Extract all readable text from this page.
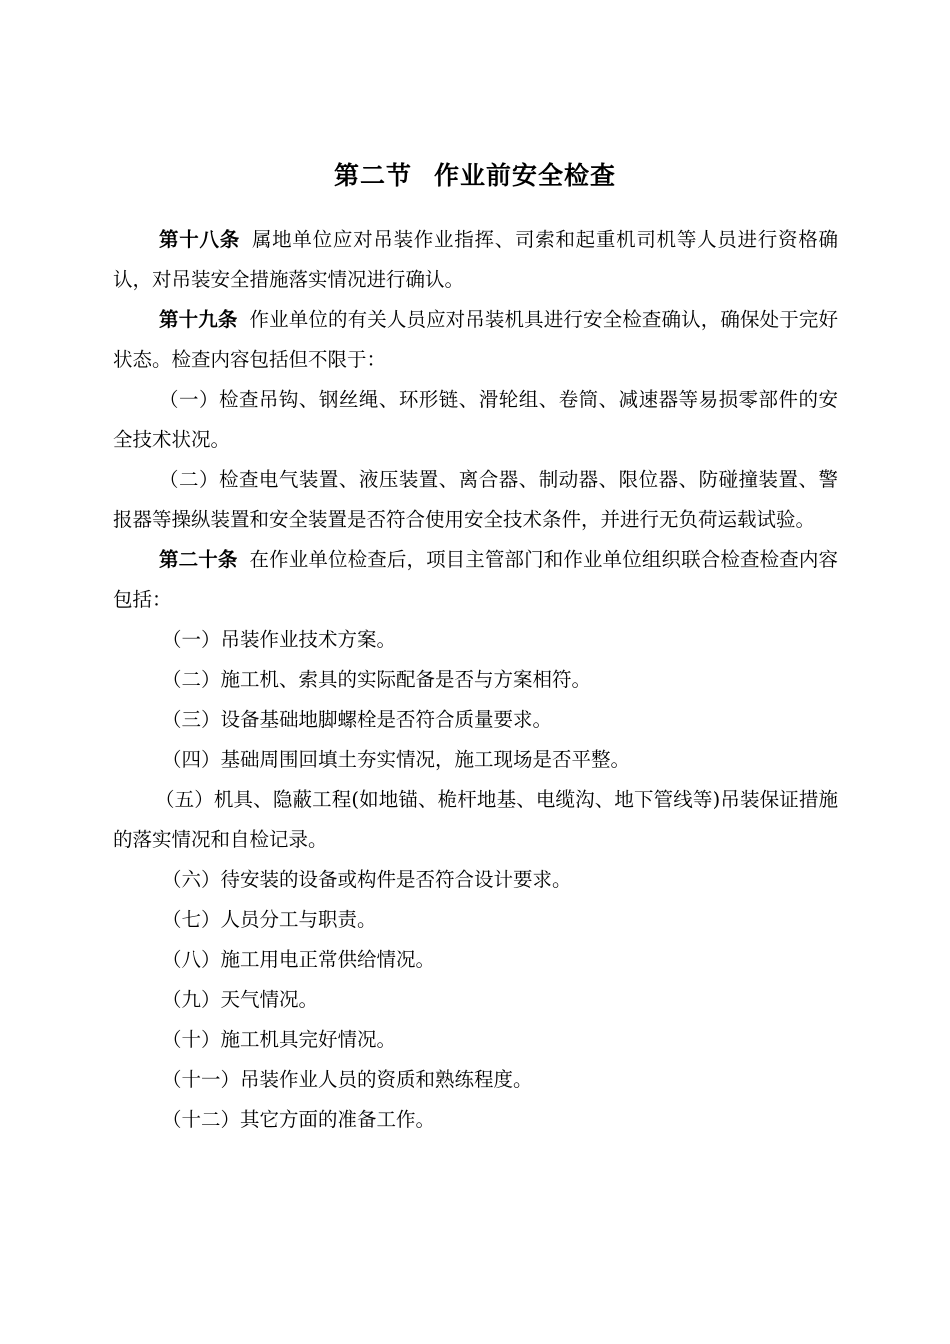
第二节 作业前安全检查

第十八条 属地单位应对吊装作业指挥、司索和起重机司机等人员进行资格确认，对吊装安全措施落实情况进行确认。

第十九条 作业单位的有关人员应对吊装机具进行安全检查确认，确保处于完好状态。检查内容包括但不限于：

（一）检查吊钩、钢丝绳、环形链、滑轮组、卷筒、减速器等易损零部件的安全技术状况。

（二）检查电气装置、液压装置、离合器、制动器、限位器、防碰撞装置、警报器等操纵装置和安全装置是否符合使用安全技术条件，并进行无负荷运载试验。

第二十条 在作业单位检查后，项目主管部门和作业单位组织联合检查检查内容包括：

（一）吊装作业技术方案。

（二）施工机、索具的实际配备是否与方案相符。

（三）设备基础地脚螺栓是否符合质量要求。

（四）基础周围回填土夯实情况，施工现场是否平整。

（五）机具、隐蔽工程(如地锚、桅杆地基、电缆沟、地下管线等)吊装保证措施的落实情况和自检记录。

（六）待安装的设备或构件是否符合设计要求。

（七）人员分工与职责。

（八）施工用电正常供给情况。

（九）天气情况。

（十）施工机具完好情况。

（十一）吊装作业人员的资质和熟练程度。

（十二）其它方面的准备工作。
